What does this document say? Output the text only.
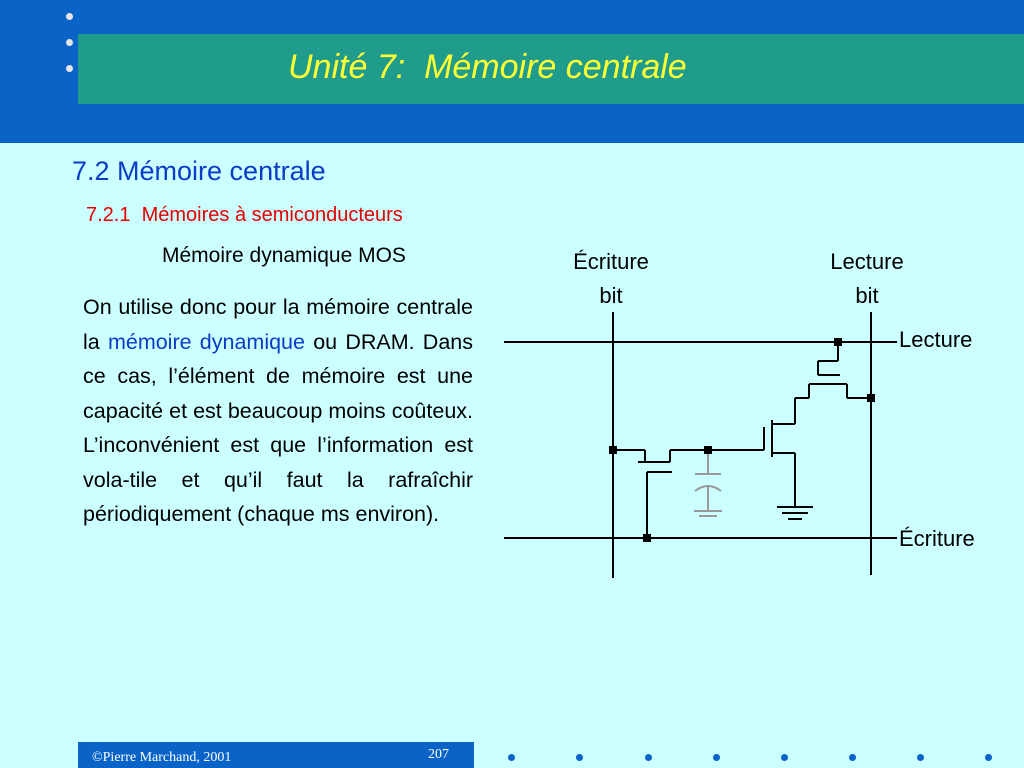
Unité 7:  Mémoire centrale
7.2 Mémoire centrale
7.2.1  Mémoires à semiconducteurs
Mémoire dynamique MOS
On utilise donc pour la mémoire centrale la mémoire dynamique ou DRAM. Dans ce cas, l’élément de mémoire est une capacité et est beaucoup moins coûteux. L’inconvénient est que l’information est vola-tile et qu’il faut la rafraîchir périodiquement (chaque ms environ).
Écriture
bit
Lecture
bit
Lecture
Écriture
©Pierre Marchand, 2001	207
